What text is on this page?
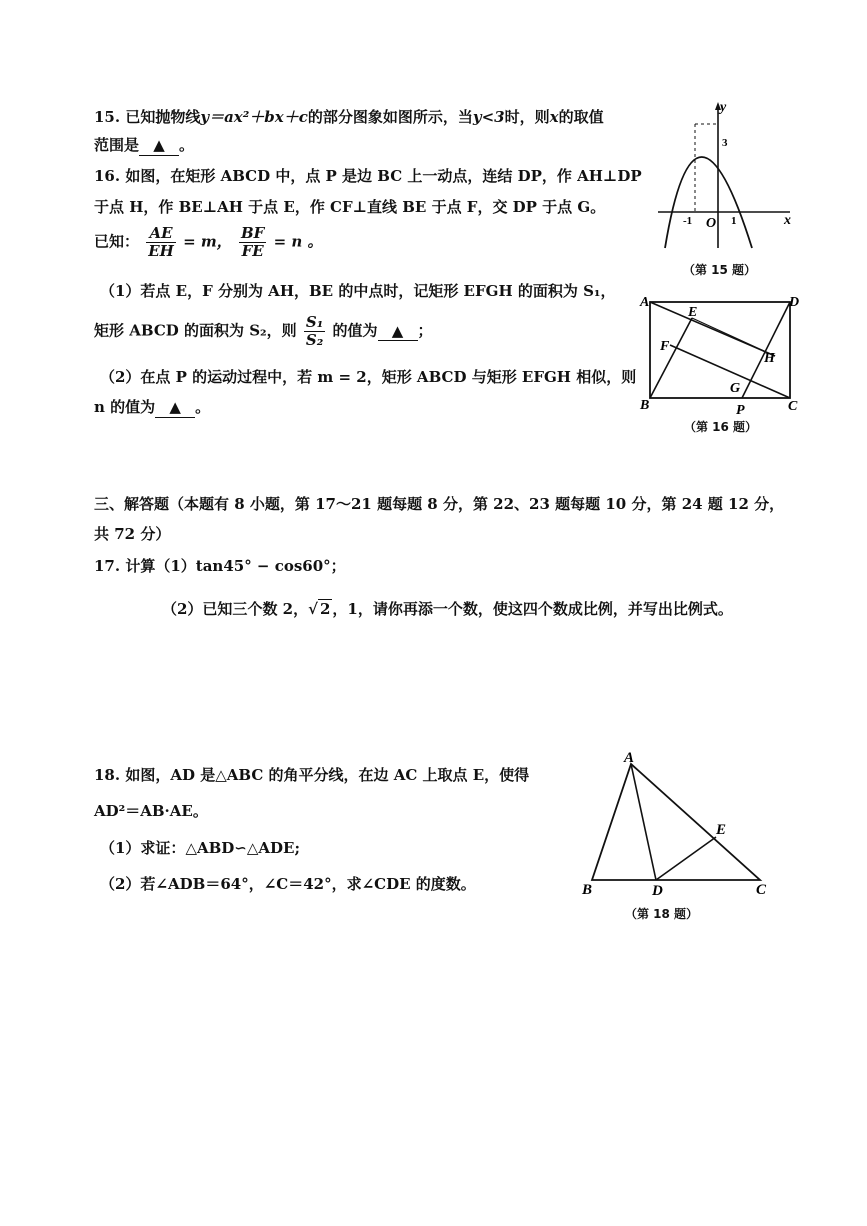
15. 已知抛物线y＝ax²＋bx＋c的部分图象如图所示，当y<3时，则x的取值
范围是 ▲ 。
y
x
3
-1 O 1
（第 15 题）
16. 如图，在矩形 ABCD 中，点 P 是边 BC 上一动点，连结 DP，作 AH⊥DP
于点 H，作 BE⊥AH 于点 E，作 CF⊥直线 BE 于点 F，交 DP 于点 G。
已知： $\frac{AE}{EH} = m$， $\frac{BF}{FE} = n$ 。
（1）若点 E，F 分别为 AH，BE 的中点时，记矩形 EFGH 的面积为 S₁，
矩形 ABCD 的面积为 S₂，则 $\frac{\text{S₁}}{\text{S₂}}$ 的值为 ▲ ；
（2）在点 P 的运动过程中，若 m = 2，矩形 ABCD 与矩形 EFGH 相似，则
n 的值为 ▲ 。
A
B	C
D
E
F
G
H
P
（第 16 题）
三、解答题（本题有 8 小题，第 17～21 题每题 8 分，第 22、23 题每题 10 分，第 24 题 12 分，
共 72 分）
17. 计算（1）tan45° − cos60°；
（2）已知三个数 2，√ 2 ，1，请你再添一个数，使这四个数成比例，并写出比例式。
18. 如图，AD 是△ABC 的角平分线，在边 AC 上取点 E，使得
AD²＝AB·AE。
（1）求证：△ABD∽△ADE;
（2）若∠ADB＝64°，∠C＝42°，求∠CDE 的度数。
A
B	C
D
E
（第 18 题）
